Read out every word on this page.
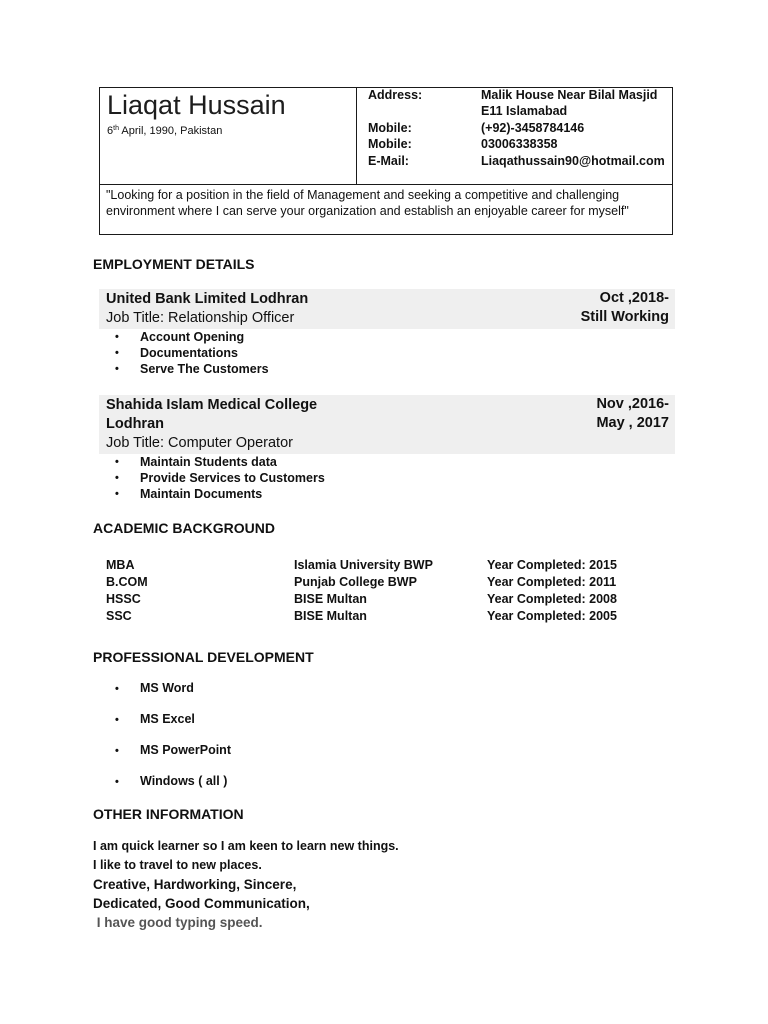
Liaqat Hussain
6th April, 1990, Pakistan
Address:	Malik House Near Bilal Masjid
E11 Islamabad
Mobile:	(+92)-3458784146
Mobile:	03006338358
E-Mail:	Liaqathussain90@hotmail.com
"Looking for a position in the field of Management and seeking a competitive and challenging environment where I can serve your organization and establish an enjoyable career for myself"
EMPLOYMENT DETAILS
United Bank Limited Lodhran
Job Title: Relationship Officer
Oct ,2018-
Still Working
• Account Opening
• Documentations
• Serve The Customers
Shahida Islam Medical College
Lodhran
Job Title: Computer Operator
Nov ,2016-
May , 2017
• Maintain Students data
• Provide Services to Customers
• Maintain Documents
ACADEMIC BACKGROUND
MBA	Islamia University BWP	Year Completed: 2015
B.COM	Punjab College BWP	Year Completed: 2011
HSSC	BISE Multan	Year Completed: 2008
SSC	BISE Multan	Year Completed: 2005
PROFESSIONAL DEVELOPMENT
• MS Word
• MS Excel
• MS PowerPoint
• Windows ( all )
OTHER INFORMATION
I am quick learner so I am keen to learn new things.
I like to travel to new places.
Creative, Hardworking, Sincere,
Dedicated, Good Communication,
I have good typing speed.
